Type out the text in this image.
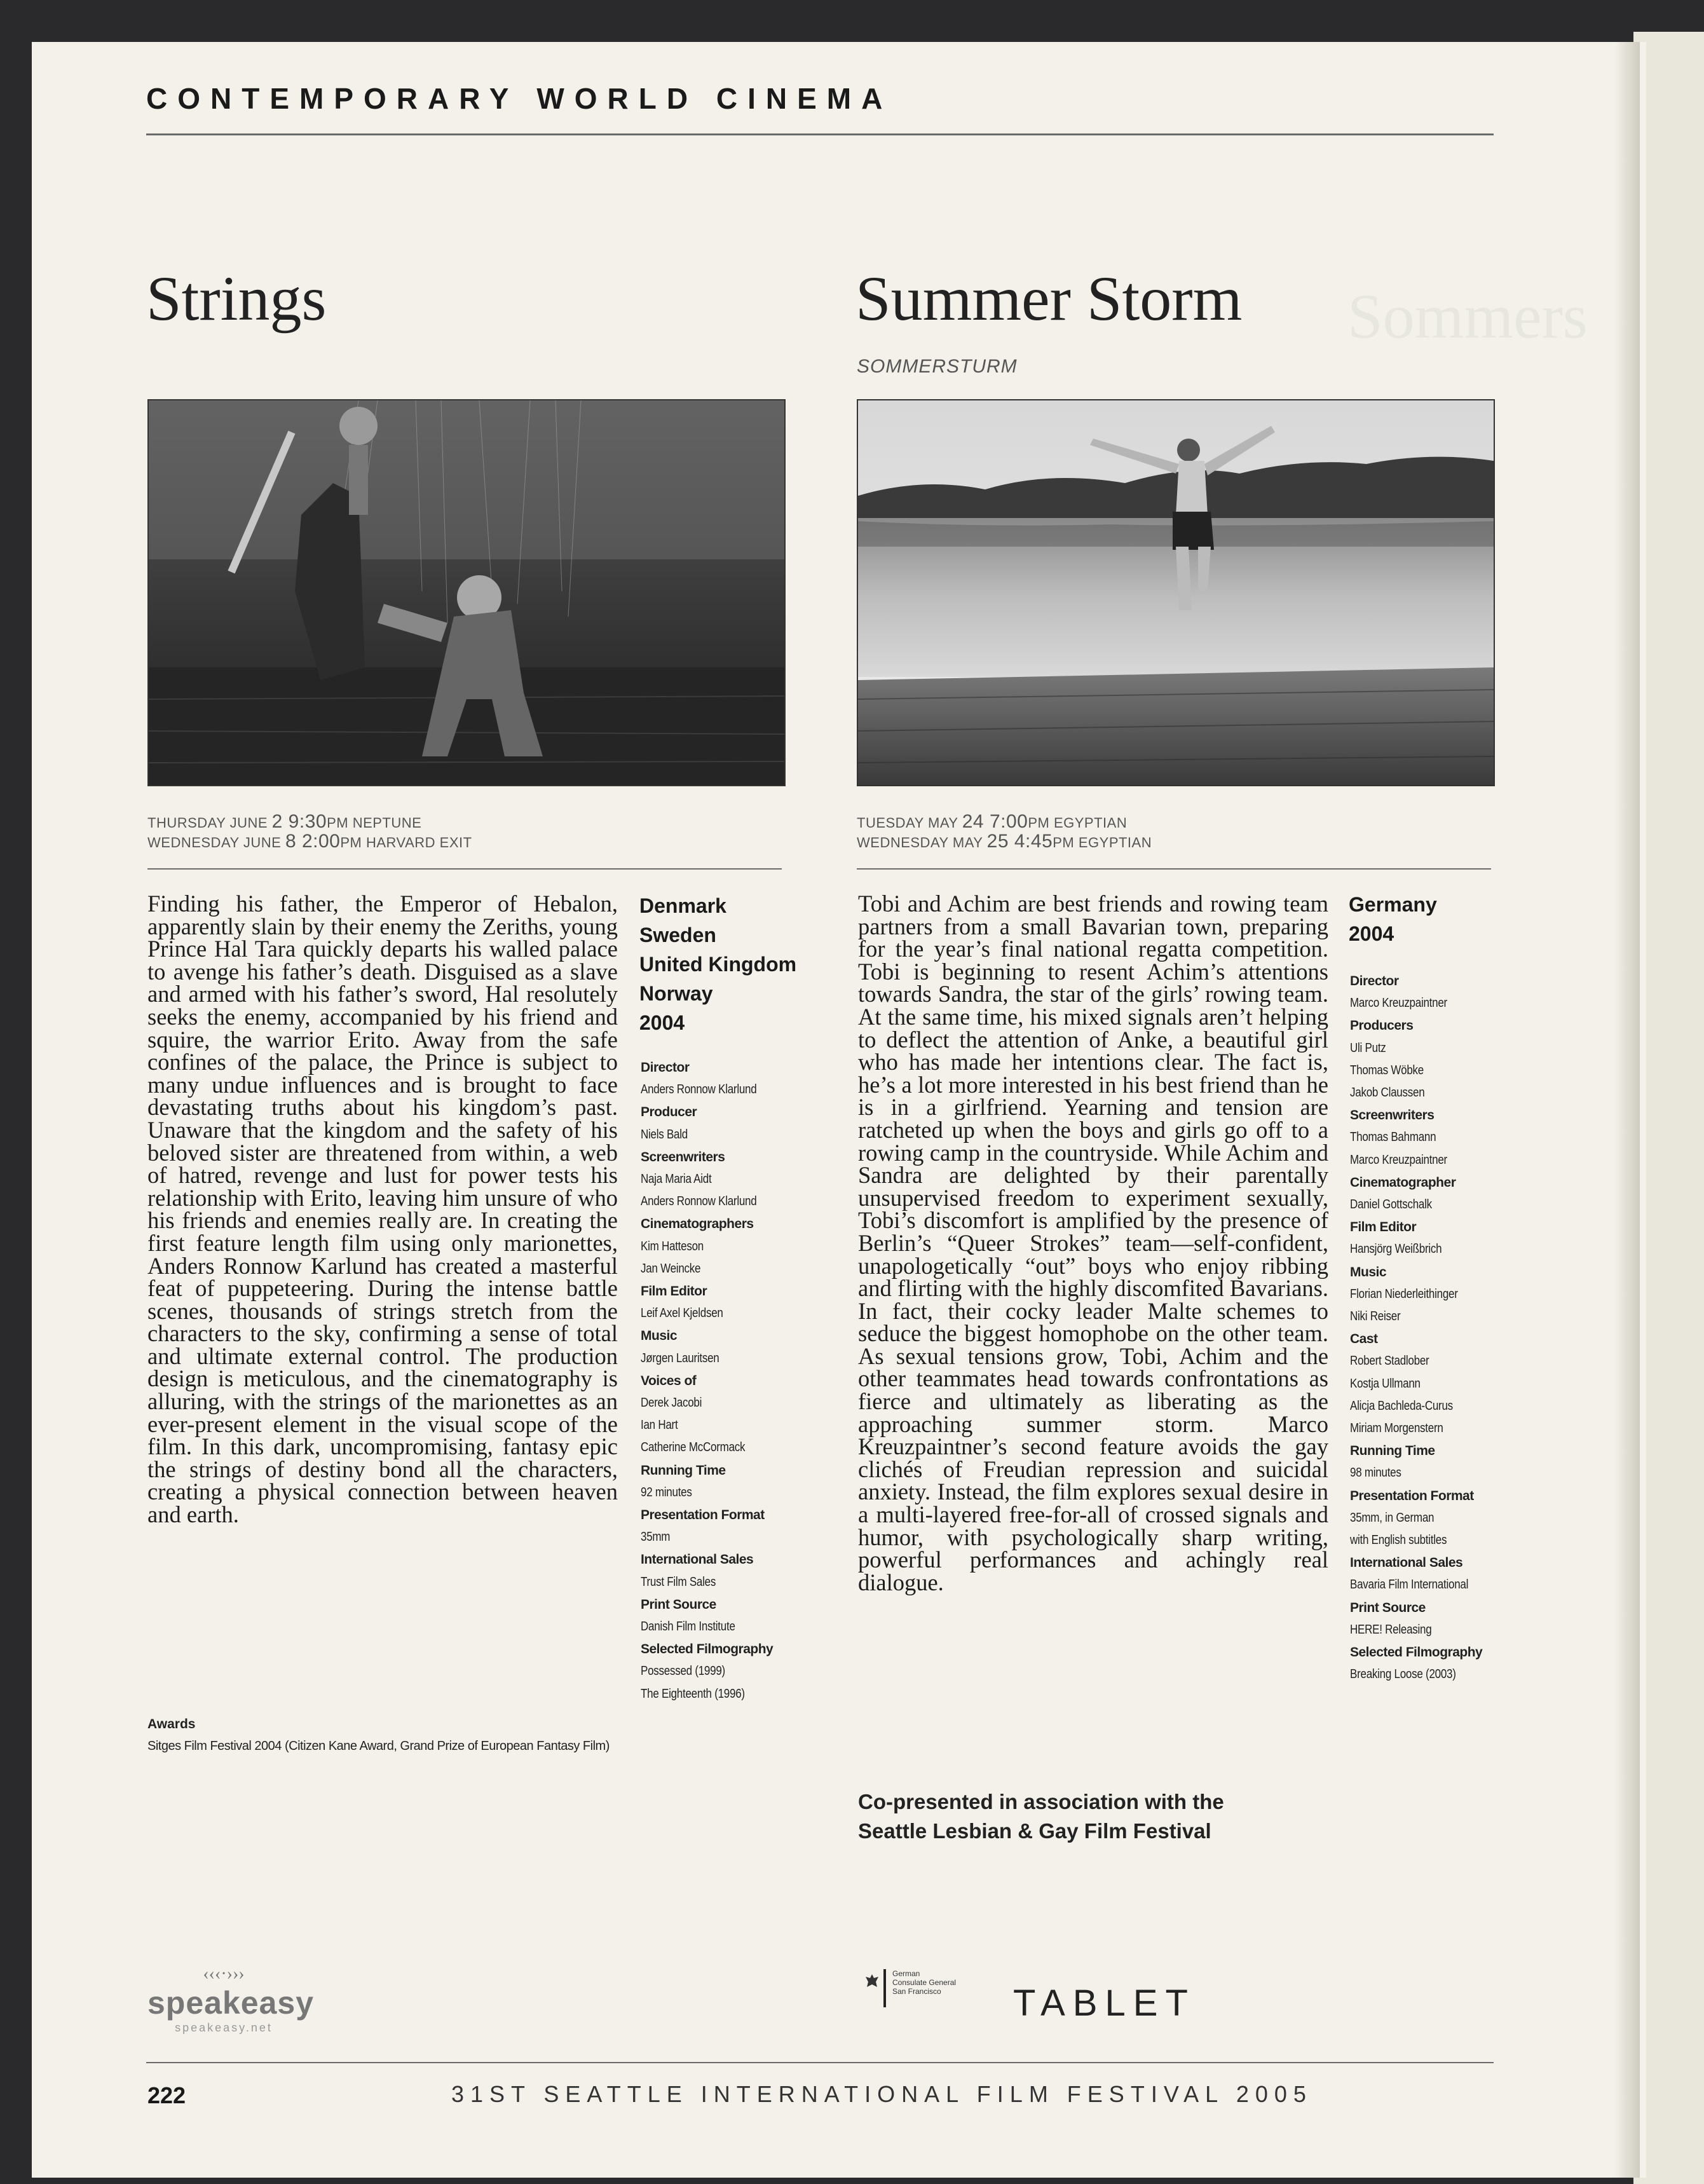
Sommers
CONTEMPORARY WORLD CINEMA
Strings
THURSDAY JUNE 2 9:30PM NEPTUNE
WEDNESDAY JUNE 8 2:00PM HARVARD EXIT

Finding his father, the Emperor of Hebalon, apparently slain by their enemy the Zeriths, young Prince Hal Tara quickly departs his walled palace to avenge his father’s death. Disguised as a slave and armed with his father’s sword, Hal resolutely seeks the enemy, accompanied by his friend and squire, the warrior Erito. Away from the safe confines of the palace, the Prince is subject to many undue influences and is brought to face devastating truths about his kingdom’s past. Unaware that the kingdom and the safety of his beloved sister are threatened from within, a web of hatred, revenge and lust for power tests his relationship with Erito, leaving him unsure of who his friends and enemies really are. In creating the first feature length film using only marionettes, Anders Ronnow Karlund has created a masterful feat of puppeteering. During the intense battle scenes, thousands of strings stretch from the characters to the sky, confirming a sense of total and ultimate external control. The production design is meticulous, and the cinematography is alluring, with the strings of the marionettes as an ever-present element in the visual scope of the film. In this dark, uncompromising, fantasy epic the strings of destiny bond all the characters, creating a physical connection between heaven and earth.

Denmark
Sweden
United Kingdom
Norway
2004
Director
Anders Ronnow Klarlund
Producer
Niels Bald
Screenwriters
Naja Maria Aidt
Anders Ronnow Klarlund
Cinematographers
Kim Hatteson
Jan Weincke
Film Editor
Leif Axel Kjeldsen
Music
Jørgen Lauritsen
Voices of
Derek Jacobi
Ian Hart
Catherine McCormack
Running Time
92 minutes
Presentation Format
35mm
International Sales
Trust Film Sales
Print Source
Danish Film Institute
Selected Filmography
Possessed (1999)
The Eighteenth (1996)
Awards
Sitges Film Festival 2004 (Citizen Kane Award, Grand Prize of European Fantasy Film)
Summer Storm
SOMMERSTURM
TUESDAY MAY 24 7:00PM EGYPTIAN
WEDNESDAY MAY 25 4:45PM EGYPTIAN

Tobi and Achim are best friends and rowing team partners from a small Bavarian town, preparing for the year’s final national regatta competition. Tobi is beginning to resent Achim’s attentions towards Sandra, the star of the girls’ rowing team. At the same time, his mixed signals aren’t helping to deflect the attention of Anke, a beautiful girl who has made her intentions clear. The fact is, he’s a lot more interested in his best friend than he is in a girlfriend. Yearning and tension are ratcheted up when the boys and girls go off to a rowing camp in the countryside. While Achim and Sandra are delighted by their parentally unsupervised freedom to experiment sexually, Tobi’s discomfort is amplified by the presence of Berlin’s “Queer Strokes” team—self-confident, unapologetically “out” boys who enjoy ribbing and flirting with the highly discomfited Bavarians. In fact, their cocky leader Malte schemes to seduce the biggest homophobe on the other team. As sexual tensions grow, Tobi, Achim and the other teammates head towards confrontations as fierce and ultimately as liberating as the approaching summer storm. Marco Kreuzpaintner’s second feature avoids the gay clichés of Freudian repression and suicidal anxiety. Instead, the film explores sexual desire in a multi-layered free-for-all of crossed signals and humor, with psychologically sharp writing, powerful performances and achingly real dialogue.

Germany
2004
Director
Marco Kreuzpaintner
Producers
Uli Putz
Thomas Wöbke
Jakob Claussen
Screenwriters
Thomas Bahmann
Marco Kreuzpaintner
Cinematographer
Daniel Gottschalk
Film Editor
Hansjörg Weißbrich
Music
Florian Niederleithinger
Niki Reiser
Cast
Robert Stadlober
Kostja Ullmann
Alicja Bachleda-Curus
Miriam Morgenstern
Running Time
98 minutes
Presentation Format
35mm, in German
with English subtitles
International Sales
Bavaria Film International
Print Source
HERE! Releasing
Selected Filmography
Breaking Loose (2003)
Co-presented in association with the
Seattle Lesbian & Gay Film Festival
‹‹‹·›››
speakeasy
speakeasy.net
German
Consulate General
San Francisco	TABLET
222	31ST SEATTLE INTERNATIONAL FILM FESTIVAL 2005
